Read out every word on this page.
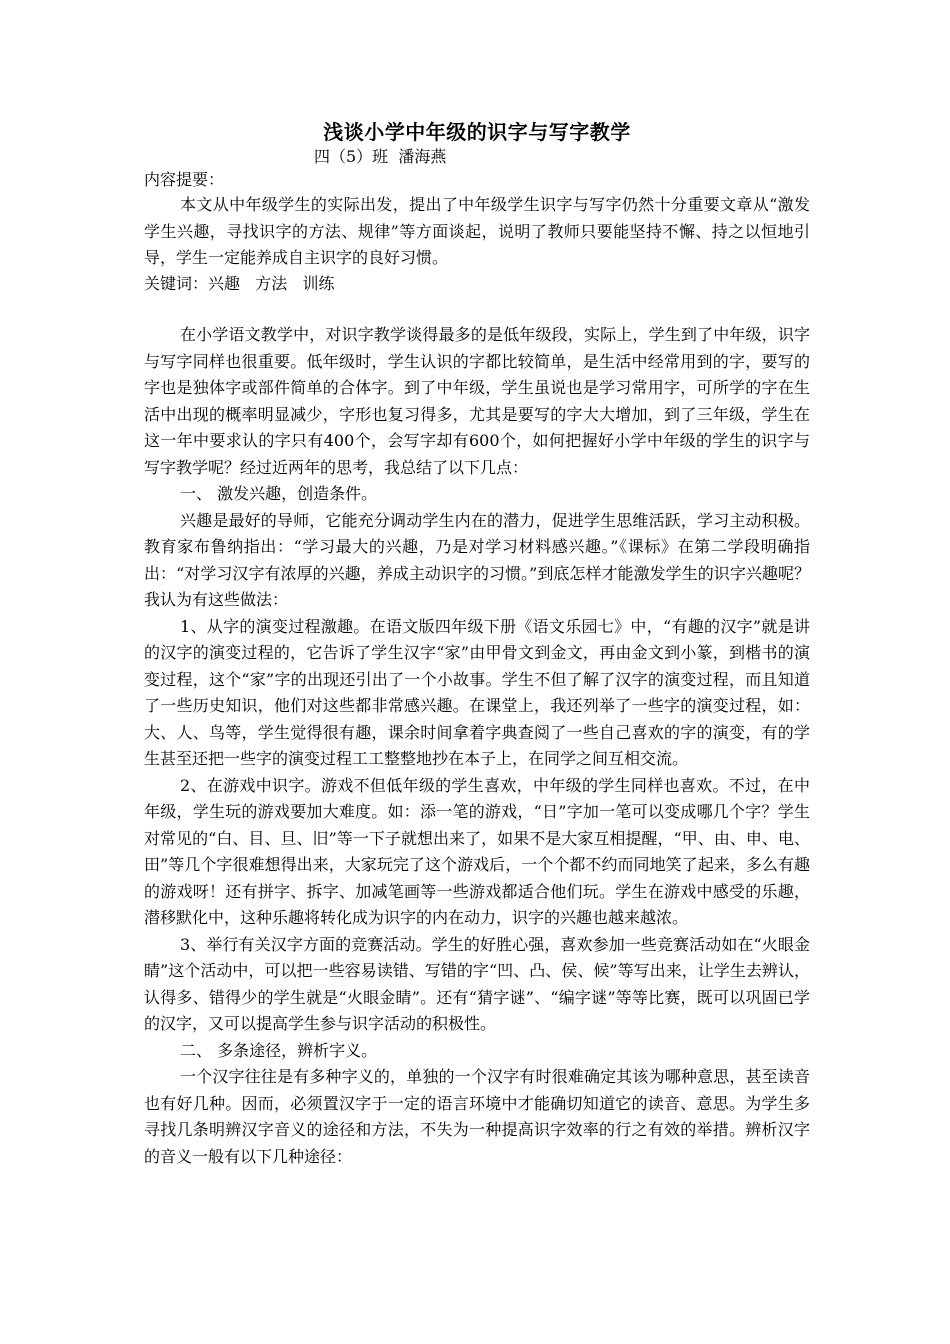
浅谈小学中年级的识字与写字教学
四（5）班  潘海燕
内容提要：

本文从中年级学生的实际出发，提出了中年级学生识字与写字仍然十分重要文章从“激发学生兴趣，寻找识字的方法、规律”等方面谈起，说明了教师只要能坚持不懈、持之以恒地引导，学生一定能养成自主识字的良好习惯。

关键词：兴趣   方法   训练

在小学语文教学中，对识字教学谈得最多的是低年级段，实际上，学生到了中年级，识字与写字同样也很重要。低年级时，学生认识的字都比较简单，是生活中经常用到的字，要写的字也是独体字或部件简单的合体字。到了中年级，学生虽说也是学习常用字，可所学的字在生活中出现的概率明显减少，字形也复习得多，尤其是要写的字大大增加，到了三年级，学生在这一年中要求认的字只有400个，会写字却有600个，如何把握好小学中年级的学生的识字与写字教学呢？经过近两年的思考，我总结了以下几点：

一、 激发兴趣，创造条件。

兴趣是最好的导师，它能充分调动学生内在的潜力，促进学生思维活跃，学习主动积极。教育家布鲁纳指出：“学习最大的兴趣，乃是对学习材料感兴趣。”《课标》在第二学段明确指出：“对学习汉字有浓厚的兴趣，养成主动识字的习惯。”到底怎样才能激发学生的识字兴趣呢？我认为有这些做法：

1、从字的演变过程激趣。在语文版四年级下册《语文乐园七》中，“有趣的汉字”就是讲的汉字的演变过程的，它告诉了学生汉字“家”由甲骨文到金文，再由金文到小篆，到楷书的演变过程，这个“家”字的出现还引出了一个小故事。学生不但了解了汉字的演变过程，而且知道了一些历史知识，他们对这些都非常感兴趣。在课堂上，我还列举了一些字的演变过程，如：大、人、鸟等，学生觉得很有趣，课余时间拿着字典查阅了一些自己喜欢的字的演变，有的学生甚至还把一些字的演变过程工工整整地抄在本子上，在同学之间互相交流。

2、在游戏中识字。游戏不但低年级的学生喜欢，中年级的学生同样也喜欢。不过，在中年级，学生玩的游戏要加大难度。如：添一笔的游戏，“日”字加一笔可以变成哪几个字？学生对常见的“白、目、旦、旧”等一下子就想出来了，如果不是大家互相提醒，“甲、由、申、电、田”等几个字很难想得出来，大家玩完了这个游戏后，一个个都不约而同地笑了起来，多么有趣的游戏呀！还有拼字、拆字、加减笔画等一些游戏都适合他们玩。学生在游戏中感受的乐趣，潜移默化中，这种乐趣将转化成为识字的内在动力，识字的兴趣也越来越浓。

3、举行有关汉字方面的竞赛活动。学生的好胜心强，喜欢参加一些竞赛活动如在“火眼金睛”这个活动中，可以把一些容易读错、写错的字“凹、凸、侯、候”等写出来，让学生去辨认，认得多、错得少的学生就是“火眼金睛”。还有“猜字谜”、“编字谜”等等比赛，既可以巩固已学的汉字，又可以提高学生参与识字活动的积极性。

二、 多条途径，辨析字义。

一个汉字往往是有多种字义的，单独的一个汉字有时很难确定其该为哪种意思，甚至读音也有好几种。因而，必须置汉字于一定的语言环境中才能确切知道它的读音、意思。为学生多寻找几条明辨汉字音义的途径和方法，不失为一种提高识字效率的行之有效的举措。辨析汉字的音义一般有以下几种途径：
